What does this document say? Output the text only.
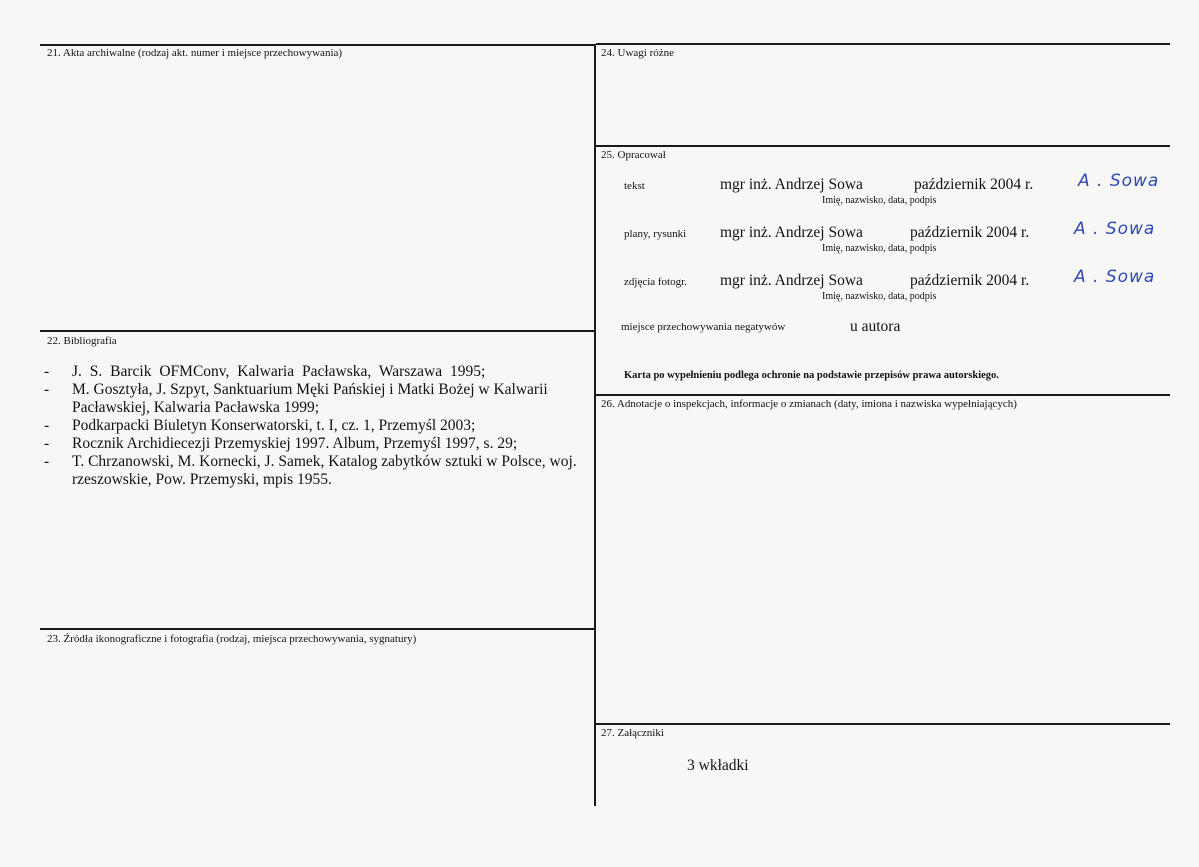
21. Akta archiwalne (rodzaj akt. numer i miejsce przechowywania)
22. Bibliografia
23. Źródła ikonograficzne i fotografia (rodzaj, miejsca przechowywania, sygnatury)
24. Uwagi różne
25. Opracował
26. Adnotacje o inspekcjach, informacje o zmianach (daty, imiona i nazwiska wypełniających)
27. Załączniki

-	J. S. Barcik OFMConv, Kalwaria Pacławska, Warszawa 1995;

-	M. Gosztyła, J. Szpyt, Sanktuarium Męki Pańskiej i Matki Bożej w Kalwarii Pacławskiej, Kalwaria Pacławska 1999;

-	Podkarpacki Biuletyn Konserwatorski, t. I, cz. 1, Przemyśl 2003;

-	Rocznik Archidiecezji Przemyskiej 1997. Album, Przemyśl 1997, s. 29;

-	T. Chrzanowski, M. Kornecki, J. Samek, Katalog zabytków sztuki w Polsce, woj. rzeszowskie, Pow. Przemyski, mpis 1955.

tekst	mgr inż. Andrzej Sowa	październik 2004 r.	A . Sowa
Imię, nazwisko, data, podpis
plany, rysunki mgr inż. Andrzej Sowa	październik 2004 r.	A . Sowa
Imię, nazwisko, data, podpis
zdjęcia fotogr. mgr inż. Andrzej Sowa	październik 2004 r.	A . Sowa
Imię, nazwisko, data, podpis
miejsce przechowywania negatywów	u autora
Karta po wypełnieniu podlega ochronie na podstawie przepisów prawa autorskiego.
3 wkładki
